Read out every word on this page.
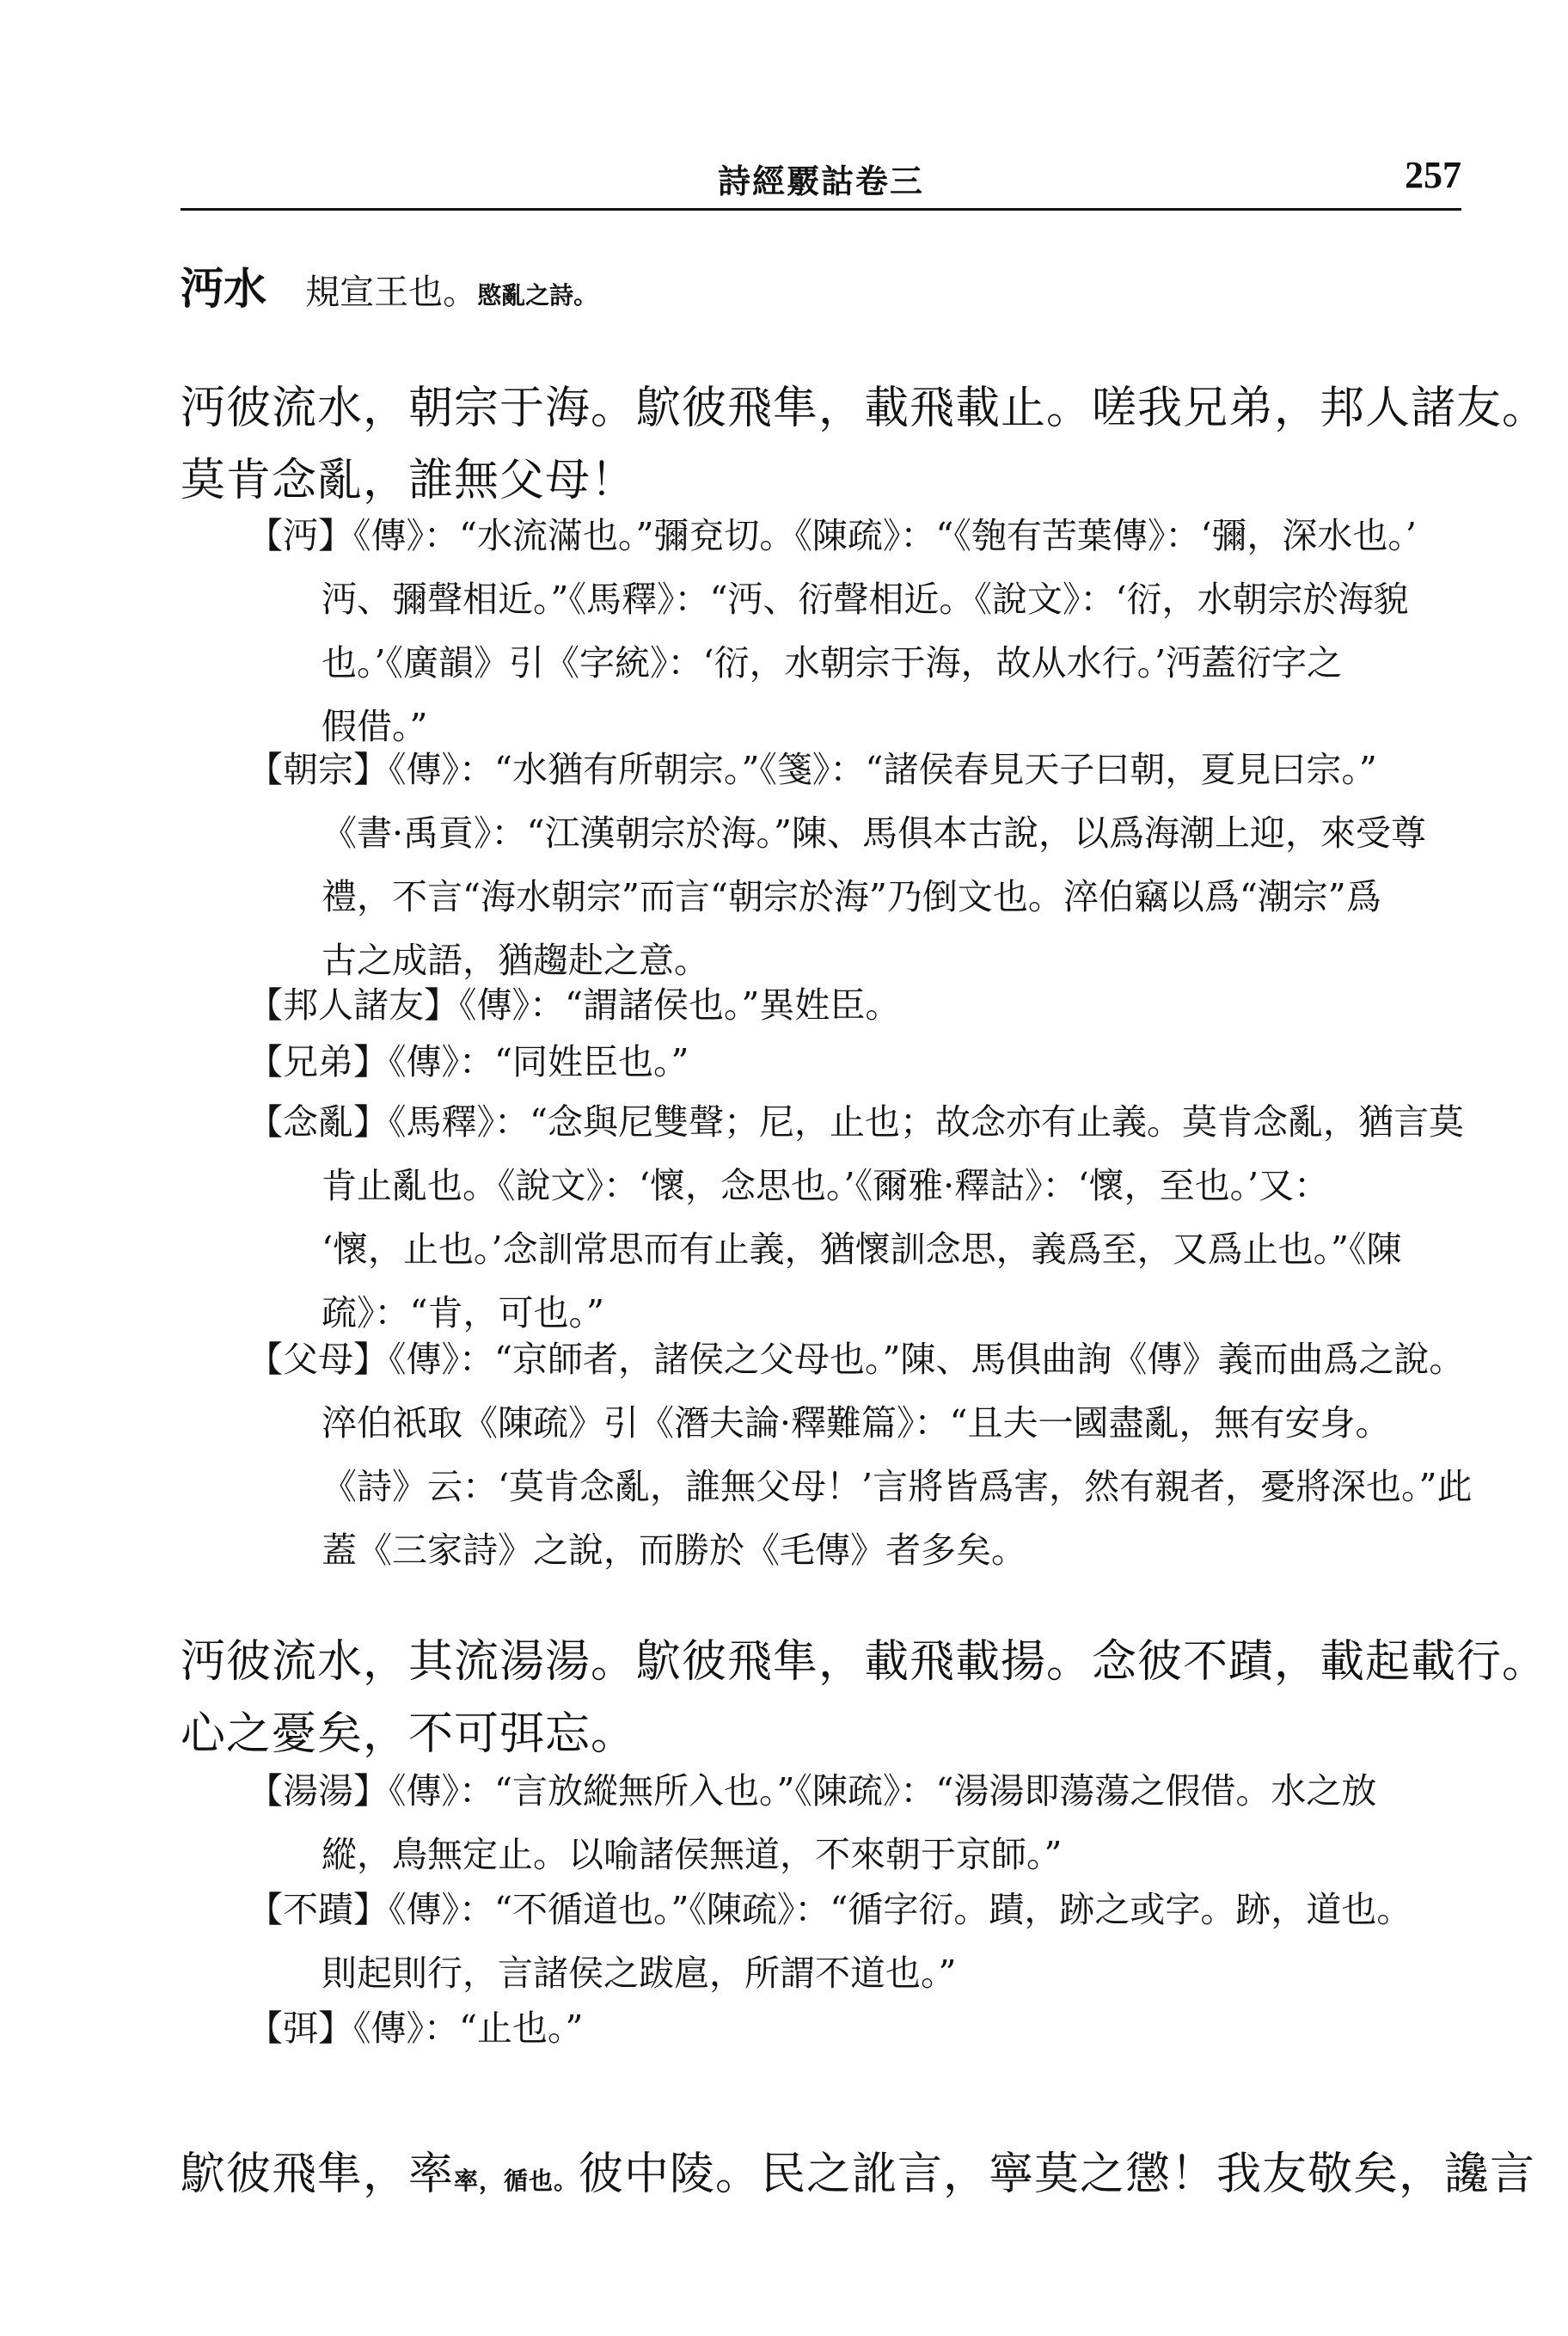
詩經覈詁卷三	257
沔水 規宣王也。愍亂之詩。
沔彼流水，朝宗于海。鴥彼飛隼，載飛載止。嗟我兄弟，邦人諸友。
莫肯念亂，誰無父母！
【沔】《傳》：“水流滿也。”彌兗切。《陳疏》：“《匏有苦葉傳》：‘彌，深水也。’
沔、彌聲相近。”《馬釋》：“沔、衍聲相近。《說文》：‘衍，水朝宗於海貌
也。’《廣韻》引《字統》：‘衍，水朝宗于海，故从水行。’沔蓋衍字之
假借。”
【朝宗】《傳》：“水猶有所朝宗。”《箋》：“諸侯春見天子曰朝，夏見曰宗。”
《書·禹貢》：“江漢朝宗於海。”陳、馬俱本古說，以爲海潮上迎，來受尊
禮，不言“海水朝宗”而言“朝宗於海”乃倒文也。淬伯竊以爲“潮宗”爲
古之成語，猶趨赴之意。
【邦人諸友】《傳》：“謂諸侯也。”異姓臣。
【兄弟】《傳》：“同姓臣也。”
【念亂】《馬釋》：“念與尼雙聲；尼，止也；故念亦有止義。莫肯念亂，猶言莫
肯止亂也。《說文》：‘懷，念思也。’《爾雅·釋詁》：‘懷，至也。’又：
‘懷，止也。’念訓常思而有止義，猶懷訓念思，義爲至，又爲止也。”《陳
疏》：“肯，可也。”
【父母】《傳》：“京師者，諸侯之父母也。”陳、馬俱曲詢《傳》義而曲爲之說。
淬伯祇取《陳疏》引《潛夫論·釋難篇》：“且夫一國盡亂，無有安身。
《詩》云：‘莫肯念亂，誰無父母！’言將皆爲害，然有親者，憂將深也。”此
蓋《三家詩》之說，而勝於《毛傳》者多矣。
沔彼流水，其流湯湯。鴥彼飛隼，載飛載揚。念彼不蹟，載起載行。
心之憂矣，不可弭忘。
【湯湯】《傳》：“言放縱無所入也。”《陳疏》：“湯湯即蕩蕩之假借。水之放
縱，鳥無定止。以喻諸侯無道，不來朝于京師。”
【不蹟】《傳》：“不循道也。”《陳疏》：“循字衍。蹟，跡之或字。跡，道也。
則起則行，言諸侯之跋扈，所謂不道也。”
【弭】《傳》：“止也。”
鴥彼飛隼，率率，循也。彼中陵。民之訛言，寧莫之懲！我友敬矣，讒言
